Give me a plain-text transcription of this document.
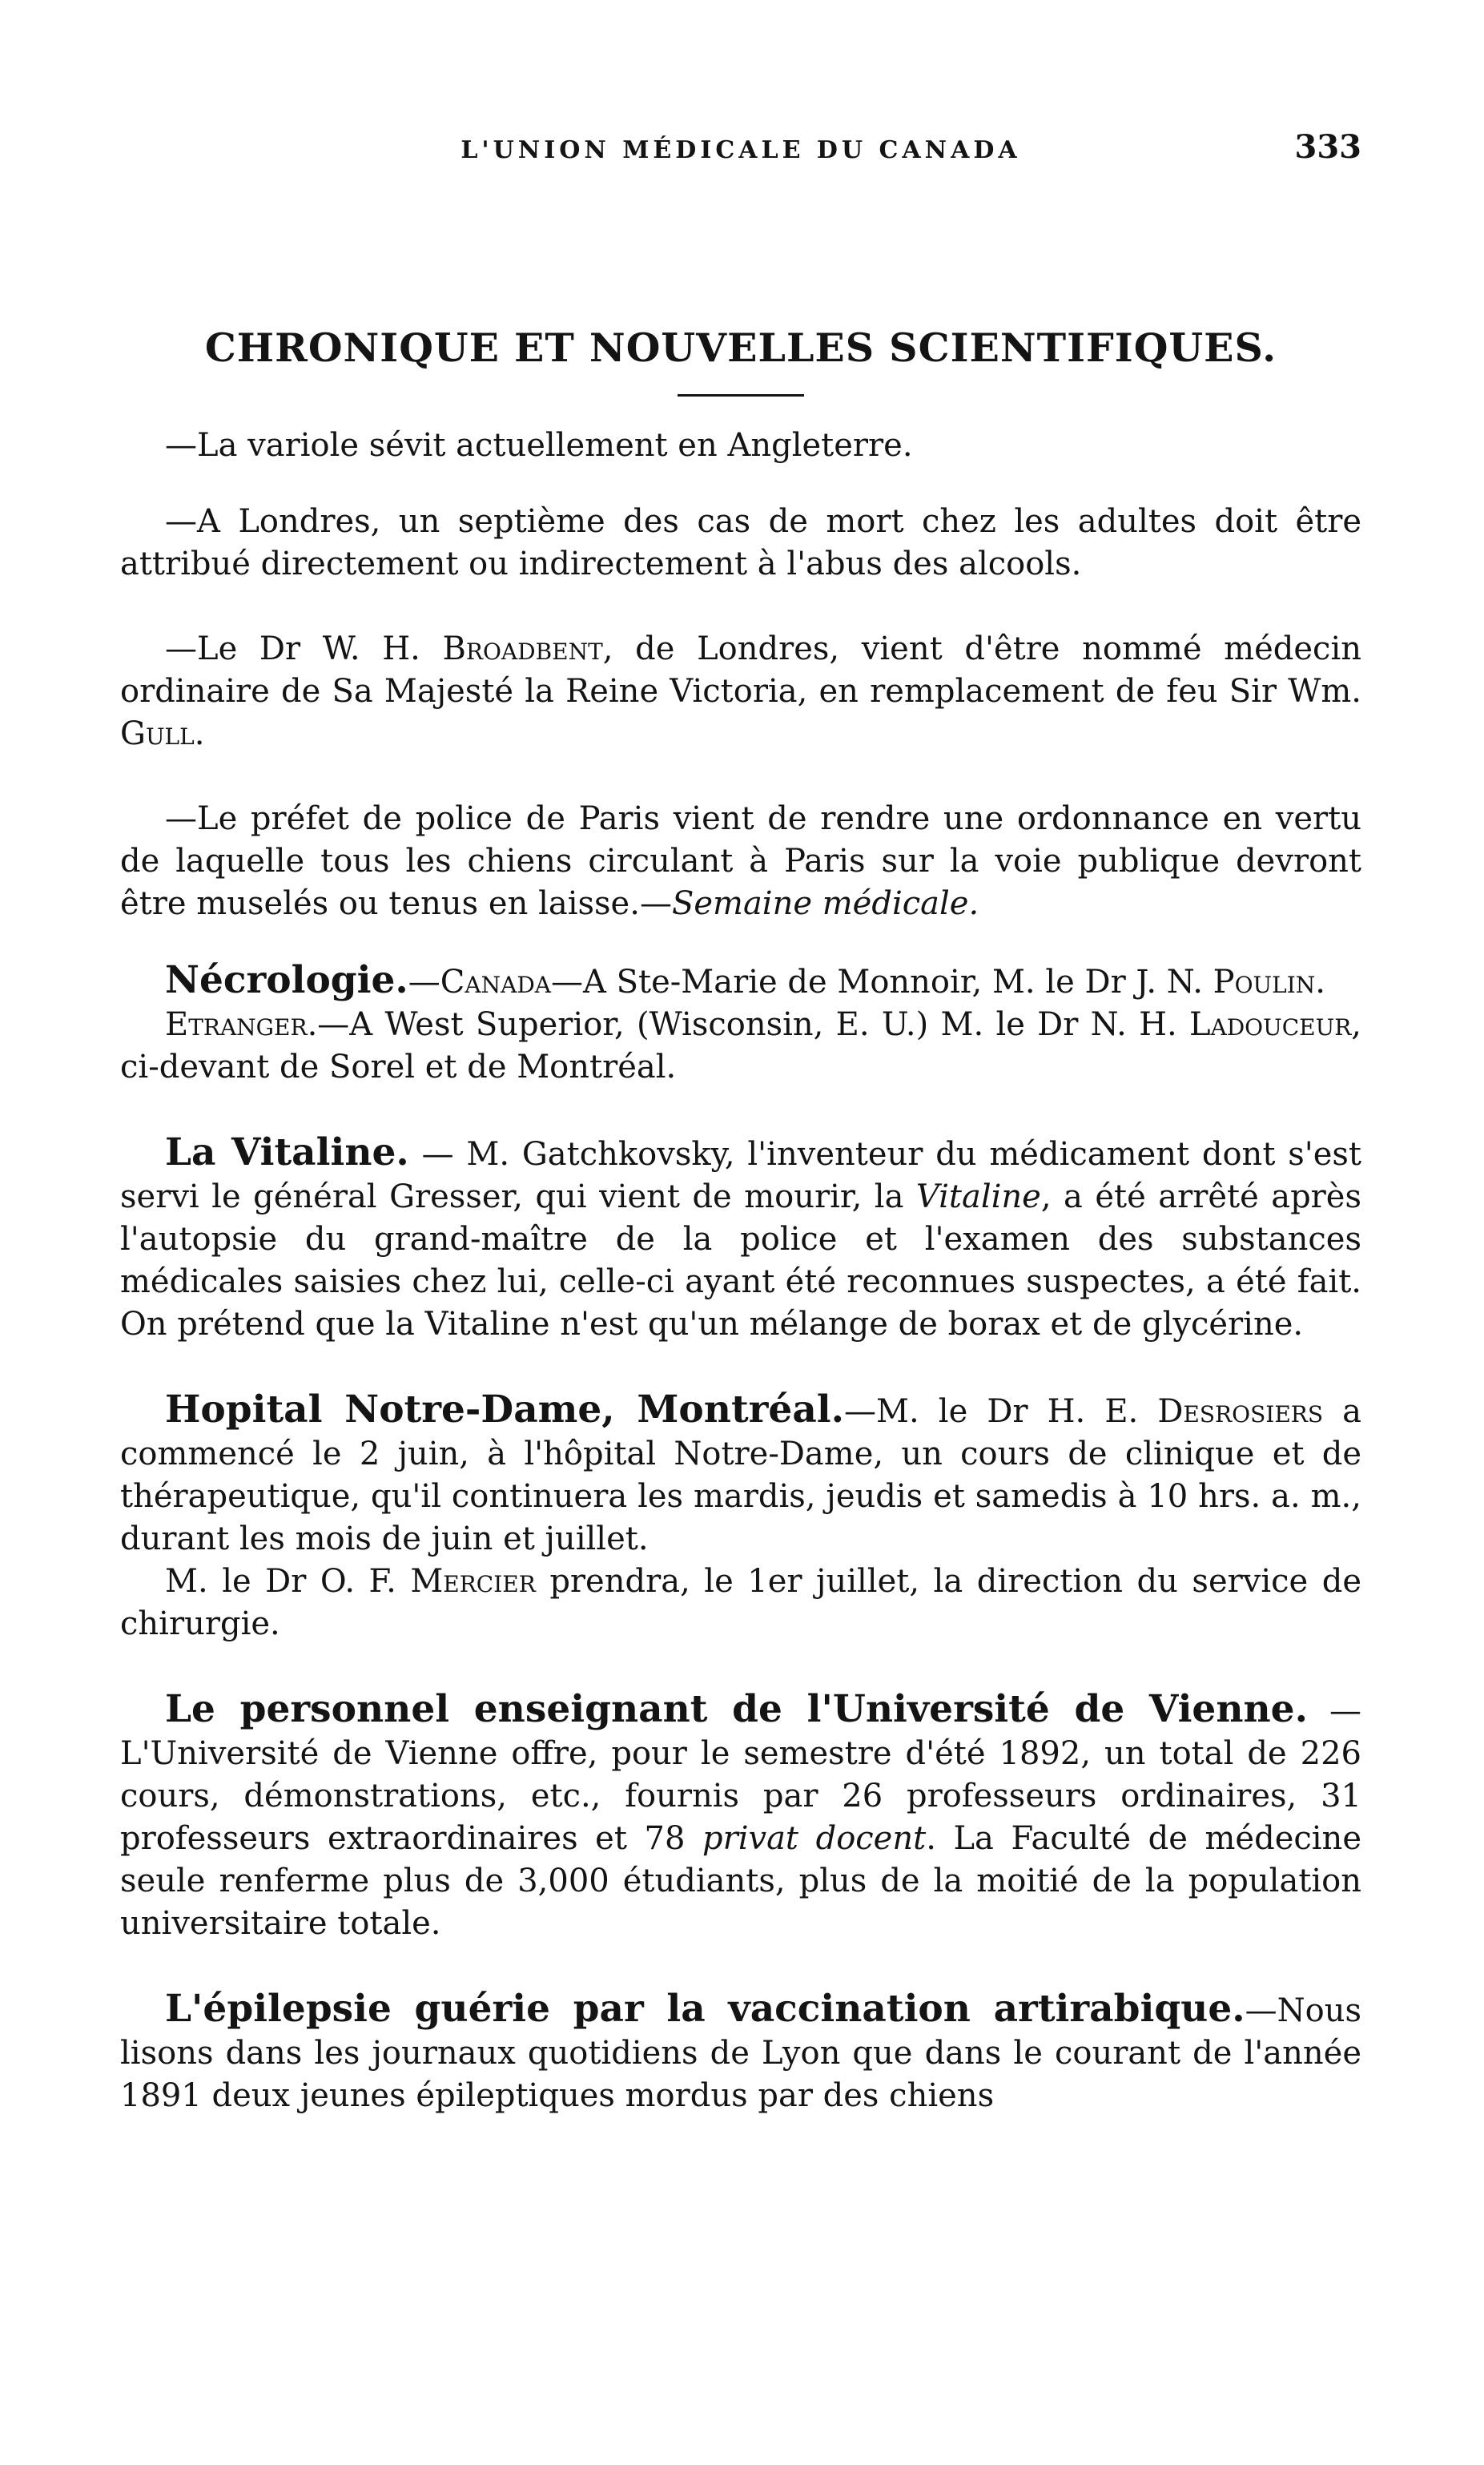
L'UNION MÉDICALE DU CANADA	333
CHRONIQUE ET NOUVELLES SCIENTIFIQUES.

—La variole sévit actuellement en Angleterre.

—A Londres, un septième des cas de mort chez les adultes doit être attribué directement ou indirectement à l'abus des alcools.

—Le Dr W. H. Broadbent, de Londres, vient d'être nommé médecin ordinaire de Sa Majesté la Reine Victoria, en remplacement de feu Sir Wm. Gull.

—Le préfet de police de Paris vient de rendre une ordonnance en vertu de laquelle tous les chiens circulant à Paris sur la voie publique devront être muselés ou tenus en laisse.—Semaine médicale.

Nécrologie.—Canada—A Ste-Marie de Monnoir, M. le Dr J. N. Poulin.

Etranger.—A West Superior, (Wisconsin, E. U.) M. le Dr N. H. Ladouceur, ci-devant de Sorel et de Montréal.

La Vitaline. — M. Gatchkovsky, l'inventeur du médicament dont s'est servi le général Gresser, qui vient de mourir, la Vitaline, a été arrêté après l'autopsie du grand-maître de la police et l'examen des substances médicales saisies chez lui, celle-ci ayant été reconnues suspectes, a été fait. On prétend que la Vitaline n'est qu'un mélange de borax et de glycérine.

Hopital Notre-Dame, Montréal.—M. le Dr H. E. Desrosiers a commencé le 2 juin, à l'hôpital Notre-Dame, un cours de clinique et de thérapeutique, qu'il continuera les mardis, jeudis et samedis à 10 hrs. a. m., durant les mois de juin et juillet.

M. le Dr O. F. Mercier prendra, le 1er juillet, la direction du service de chirurgie.

Le personnel enseignant de l'Université de Vienne. — L'Université de Vienne offre, pour le semestre d'été 1892, un total de 226 cours, démonstrations, etc., fournis par 26 professeurs ordinaires, 31 professeurs extraordinaires et 78 privat docent. La Faculté de médecine seule renferme plus de 3,000 étudiants, plus de la moitié de la population universitaire totale.

L'épilepsie guérie par la vaccination artirabique.—Nous lisons dans les journaux quotidiens de Lyon que dans le courant de l'année 1891 deux jeunes épileptiques mordus par des chiens
